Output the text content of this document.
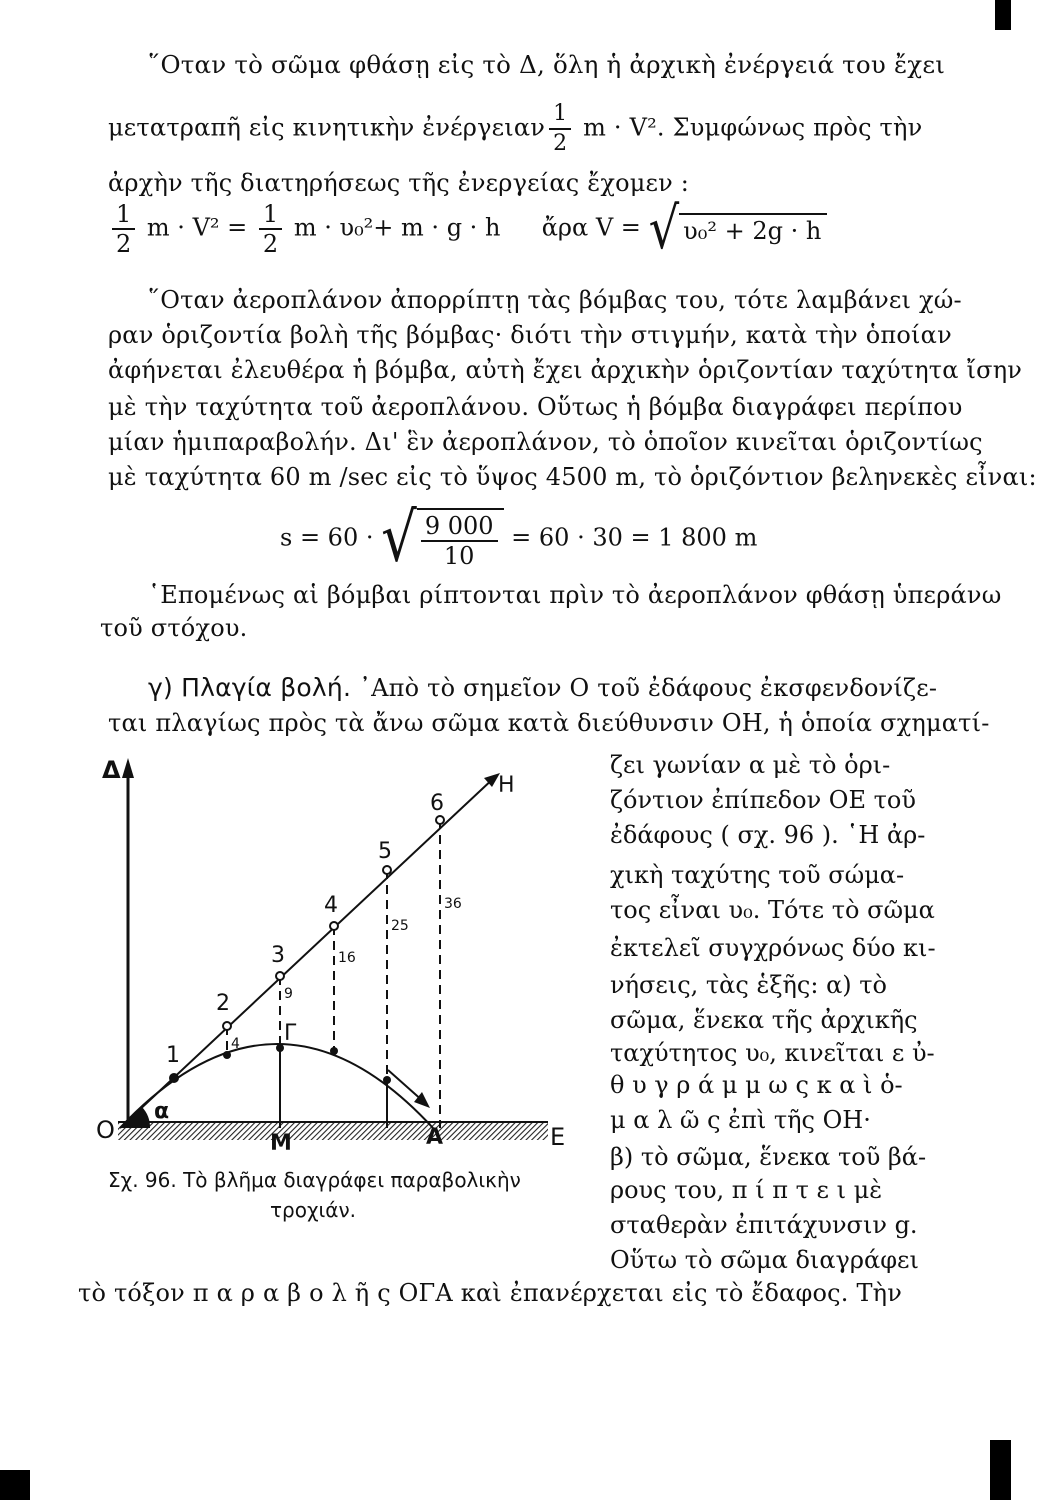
῞Οταν τὸ σῶμα φθάσῃ εἰς τὸ Δ, ὅλη ἡ ἀρχικὴ ἐνέργειά του ἔχει
μετατραπῆ εἰς κινητικὴν ἐνέργειαν $\frac{1}{2}$ m · V². Συμφώνως πρὸς τὴν
ἀρχὴν τῆς διατηρήσεως τῆς ἐνεργείας ἔχομεν :
$\frac{1}{2}$ $m \cdot V^2 = \frac{1}{2}$ m · υ₀²+ m · g · h ἄρα V = √ υ₀² + 2g · h
῞Οταν ἀεροπλάνον ἀπορρίπτῃ τὰς βόμβας του, τότε λαμβάνει χώ-
ραν ὁριζοντία βολὴ τῆς βόμβας· διότι τὴν στιγμήν, κατὰ τὴν ὁποίαν
ἀφήνεται ἐλευθέρα ἡ βόμβα, αὐτὴ ἔχει ἀρχικὴν ὁριζοντίαν ταχύτητα ἴσην
μὲ τὴν ταχύτητα τοῦ ἀεροπλάνου. Οὕτως ἡ βόμβα διαγράφει περίπου
μίαν ἡμιπαραβολήν. Δι' ἓν ἀεροπλάνον, τὸ ὁποῖον κινεῖται ὁριζοντίως
μὲ ταχύτητα 60 m /sec εἰς τὸ ὕψος 4500 m, τὸ ὁριζόντιον βεληνεκὲς εἶναι:
s = 60 · √ $\frac{9 000}{10} = 60 \cdot 30 = 1$ 800 m
῾Επομένως αἱ βόμβαι ρίπτονται πρὶν τὸ ἀεροπλάνον φθάσῃ ὑπεράνω
τοῦ στόχου.
γ) Πλαγία βολή. ᾿Απὸ τὸ σημεῖον Ο τοῦ ἐδάφους ἐκσφενδονίζε-
ται πλαγίως πρὸς τὰ ἄνω σῶμα κατὰ διεύθυνσιν ΟΗ, ἡ ὁποία σχηματί-
Δ
Η
O	Ε
α
Μ	Α
Γ
1
2
3
4
5
6
4
9
16
25
36
Σχ. 96. Τὸ βλῆμα διαγράφει παραβολικὴν
τροχιάν.
ζει γωνίαν α μὲ τὸ ὁρι-
ζόντιον ἐπίπεδον ΟΕ τοῦ
ἐδάφους ( σχ. 96 ). ῾Η ἀρ-
χικὴ ταχύτης τοῦ σώμα-
τος εἶναι υ₀. Τότε τὸ σῶμα
ἐκτελεῖ συγχρόνως δύο κι-
νήσεις, τὰς ἑξῆς: α) τὸ
σῶμα, ἕνεκα τῆς ἀρχικῆς
ταχύτητος υ₀, κινεῖται ε ὐ-
θ υ γ ρ ά μ μ ω ς κ α ὶ ὁ-
μ α λ ῶ ς ἐπὶ τῆς ΟΗ·
β) τὸ σῶμα, ἕνεκα τοῦ βά-
ρους του, π ί π τ ε ι μὲ
σταθερὰν ἐπιτάχυνσιν g.
Οὕτω τὸ σῶμα διαγράφει
τὸ τόξον π α ρ α β ο λ ῆ ς ΟΓΑ καὶ ἐπανέρχεται εἰς τὸ ἔδαφος. Τὴν
